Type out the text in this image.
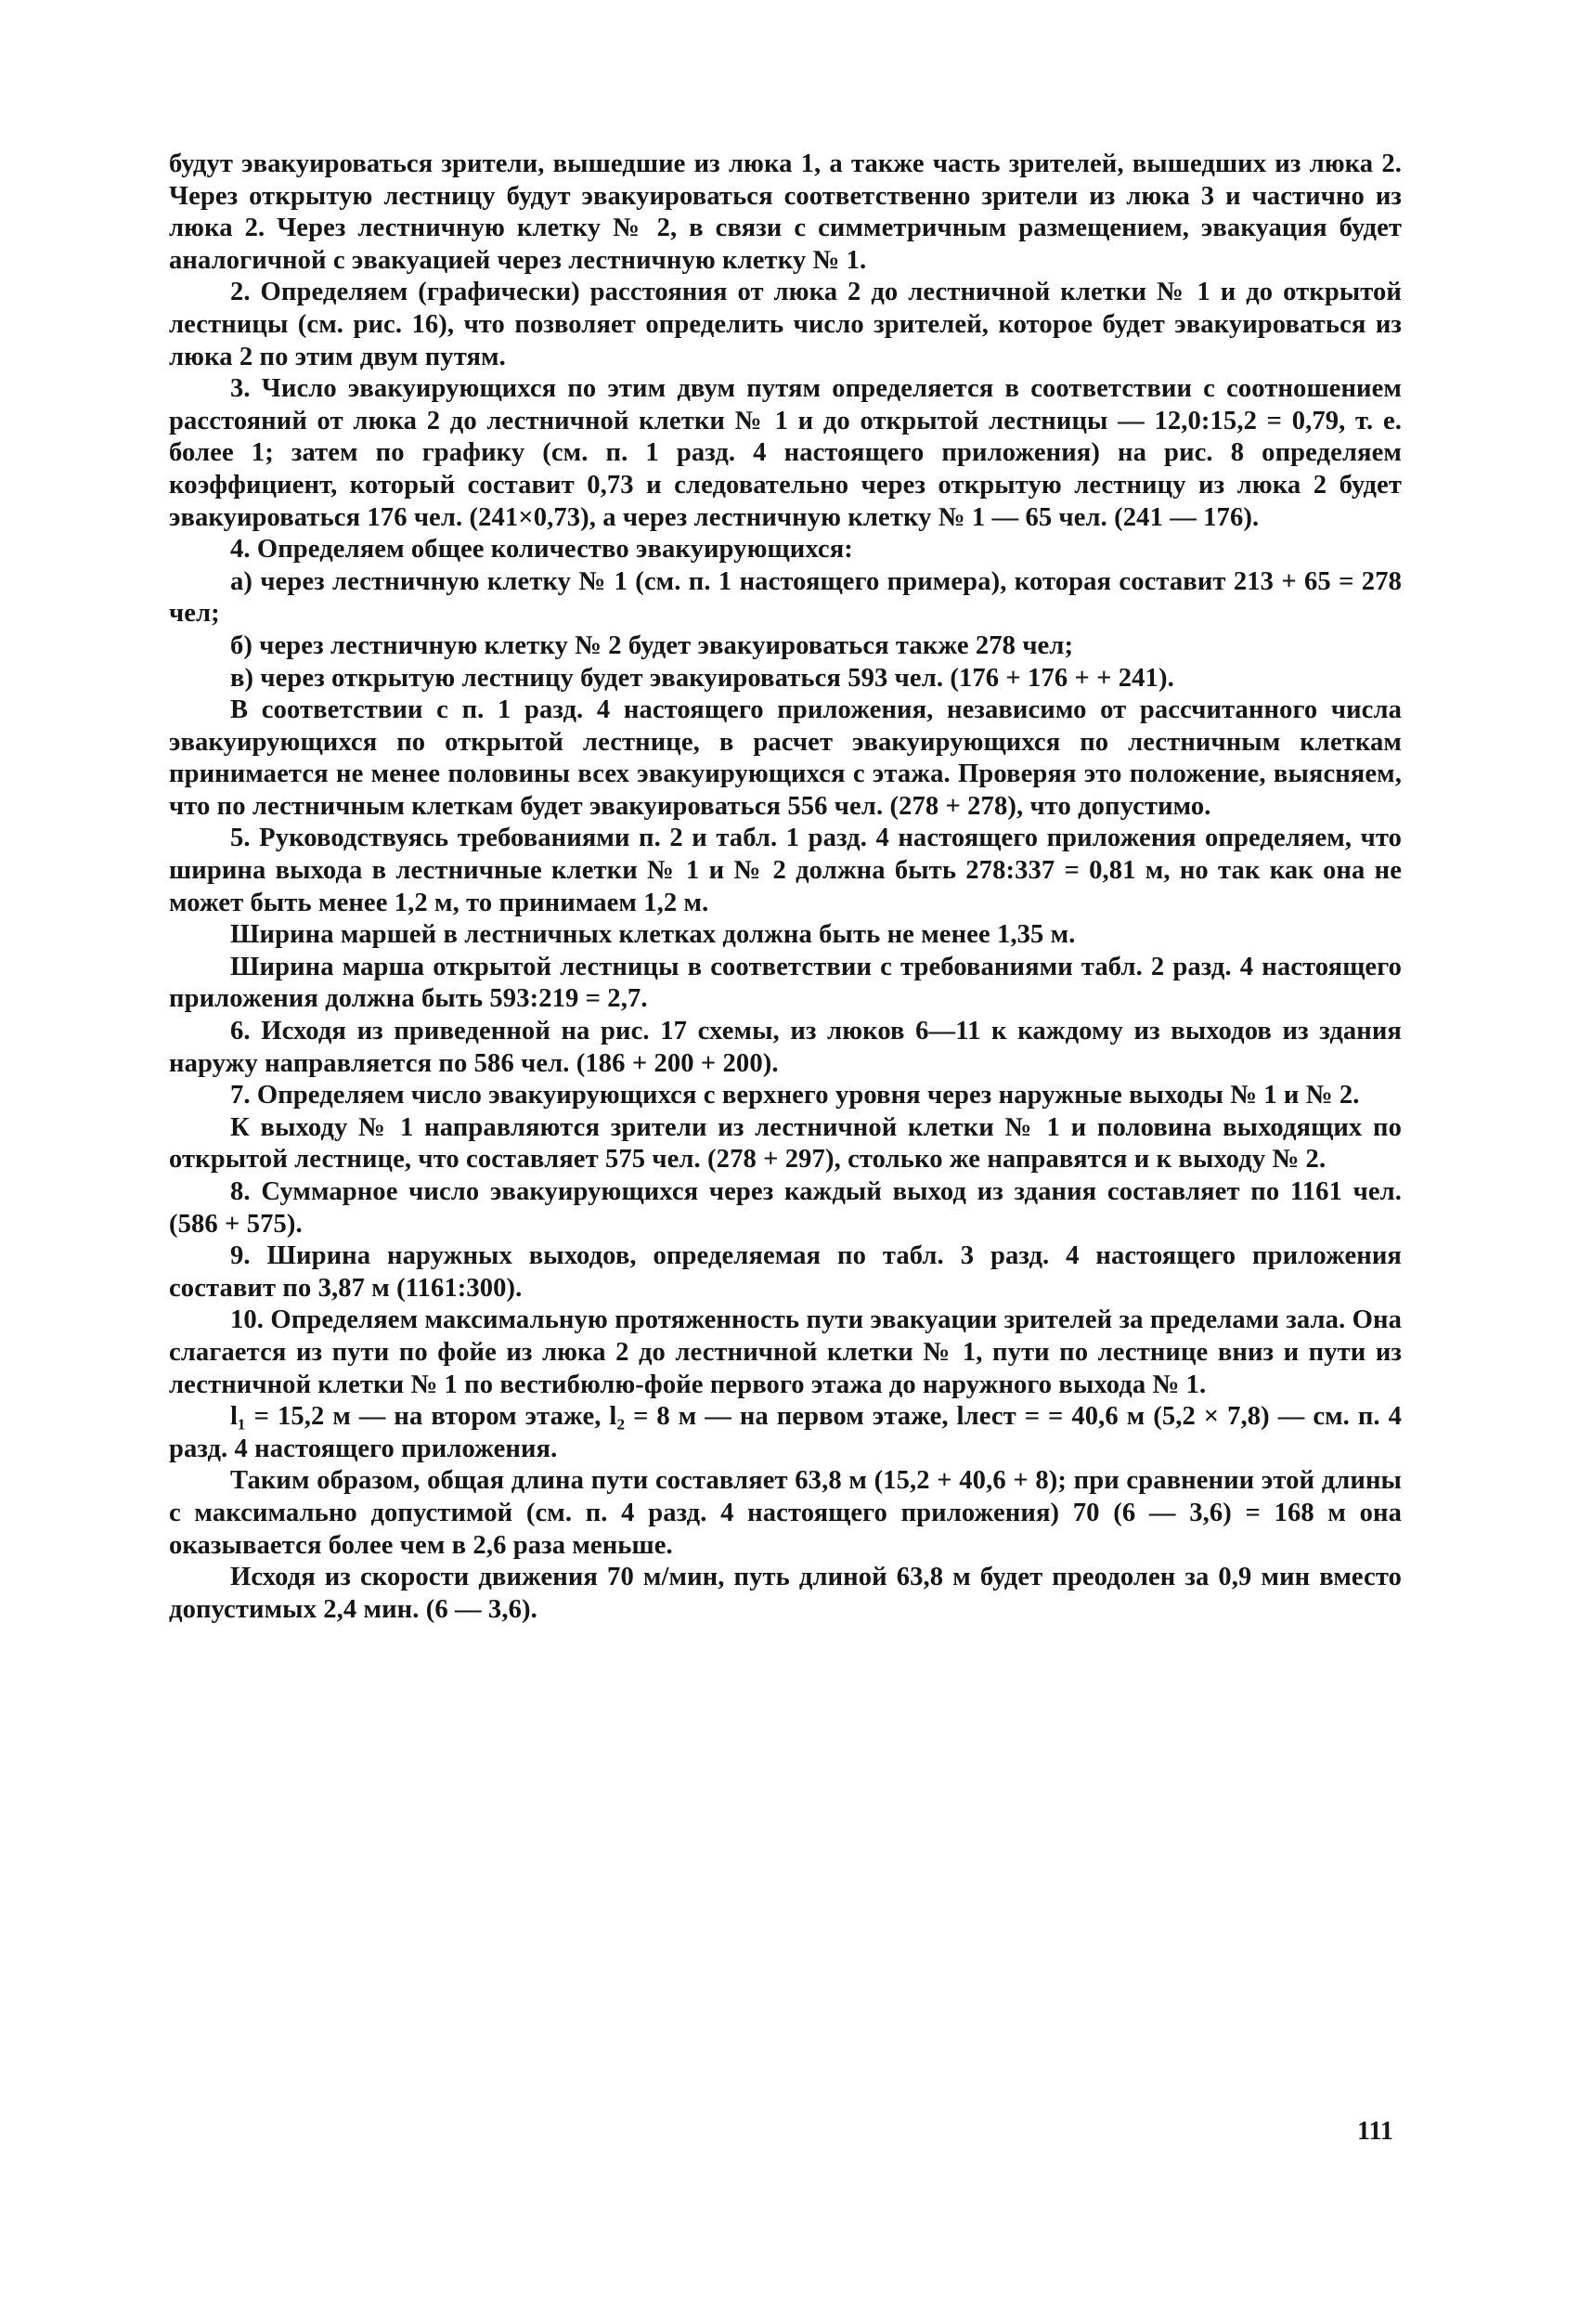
будут эвакуироваться зрители, вышедшие из люка 1, а также часть зрителей, вышедших из люка 2. Через открытую лестницу будут эвакуироваться соответственно зрители из люка 3 и частично из люка 2. Через лестничную клетку № 2, в связи с симметричным размещением, эвакуация будет аналогичной с эвакуацией через лестничную клетку № 1.

2. Определяем (графически) расстояния от люка 2 до лестничной клетки № 1 и до открытой лестницы (см. рис. 16), что позволяет определить число зрителей, которое будет эвакуироваться из люка 2 по этим двум путям.

3. Число эвакуирующихся по этим двум путям определяется в соответствии с соотношением расстояний от люка 2 до лестничной клетки № 1 и до открытой лестницы — 12,0:15,2 = 0,79, т. е. более 1; затем по графику (см. п. 1 разд. 4 настоящего приложения) на рис. 8 определяем коэффициент, который составит 0,73 и следовательно через открытую лестницу из люка 2 будет эвакуироваться 176 чел. (241×0,73), а через лестничную клетку № 1 — 65 чел. (241 — 176).

4. Определяем общее количество эвакуирующихся:

а) через лестничную клетку № 1 (см. п. 1 настоящего примера), которая составит 213 + 65 = 278 чел;

б) через лестничную клетку № 2 будет эвакуироваться также 278 чел;

в) через открытую лестницу будет эвакуироваться 593 чел. (176 + 176 + + 241).

В соответствии с п. 1 разд. 4 настоящего приложения, независимо от рассчитанного числа эвакуирующихся по открытой лестнице, в расчет эвакуирующихся по лестничным клеткам принимается не менее половины всех эвакуирующихся с этажа. Проверяя это положение, выясняем, что по лестничным клеткам будет эвакуироваться 556 чел. (278 + 278), что допустимо.

5. Руководствуясь требованиями п. 2 и табл. 1 разд. 4 настоящего приложения определяем, что ширина выхода в лестничные клетки № 1 и № 2 должна быть 278:337 = 0,81 м, но так как она не может быть менее 1,2 м, то принимаем 1,2 м.

Ширина маршей в лестничных клетках должна быть не менее 1,35 м.

Ширина марша открытой лестницы в соответствии с требованиями табл. 2 разд. 4 настоящего приложения должна быть 593:219 = 2,7.

6. Исходя из приведенной на рис. 17 схемы, из люков 6—11 к каждому из выходов из здания наружу направляется по 586 чел. (186 + 200 + 200).

7. Определяем число эвакуирующихся с верхнего уровня через наружные выходы № 1 и № 2.

К выходу № 1 направляются зрители из лестничной клетки № 1 и половина выходящих по открытой лестнице, что составляет 575 чел. (278 + 297), столько же направятся и к выходу № 2.

8. Суммарное число эвакуирующихся через каждый выход из здания составляет по 1161 чел. (586 + 575).

9. Ширина наружных выходов, определяемая по табл. 3 разд. 4 настоящего приложения составит по 3,87 м (1161:300).

10. Определяем максимальную протяженность пути эвакуации зрителей за пределами зала. Она слагается из пути по фойе из люка 2 до лестничной клетки № 1, пути по лестнице вниз и пути из лестничной клетки № 1 по вестибюлю-фойе первого этажа до наружного выхода № 1.

l₁ = 15,2 м — на втором этаже, l₂ = 8 м — на первом этаже, lлест = = 40,6 м (5,2 × 7,8) — см. п. 4 разд. 4 настоящего приложения.

Таким образом, общая длина пути составляет 63,8 м (15,2 + 40,6 + 8); при сравнении этой длины с максимально допустимой (см. п. 4 разд. 4 настоящего приложения) 70 (6 — 3,6) = 168 м она оказывается более чем в 2,6 раза меньше.

Исходя из скорости движения 70 м/мин, путь длиной 63,8 м будет преодолен за 0,9 мин вместо допустимых 2,4 мин. (6 — 3,6).

111
